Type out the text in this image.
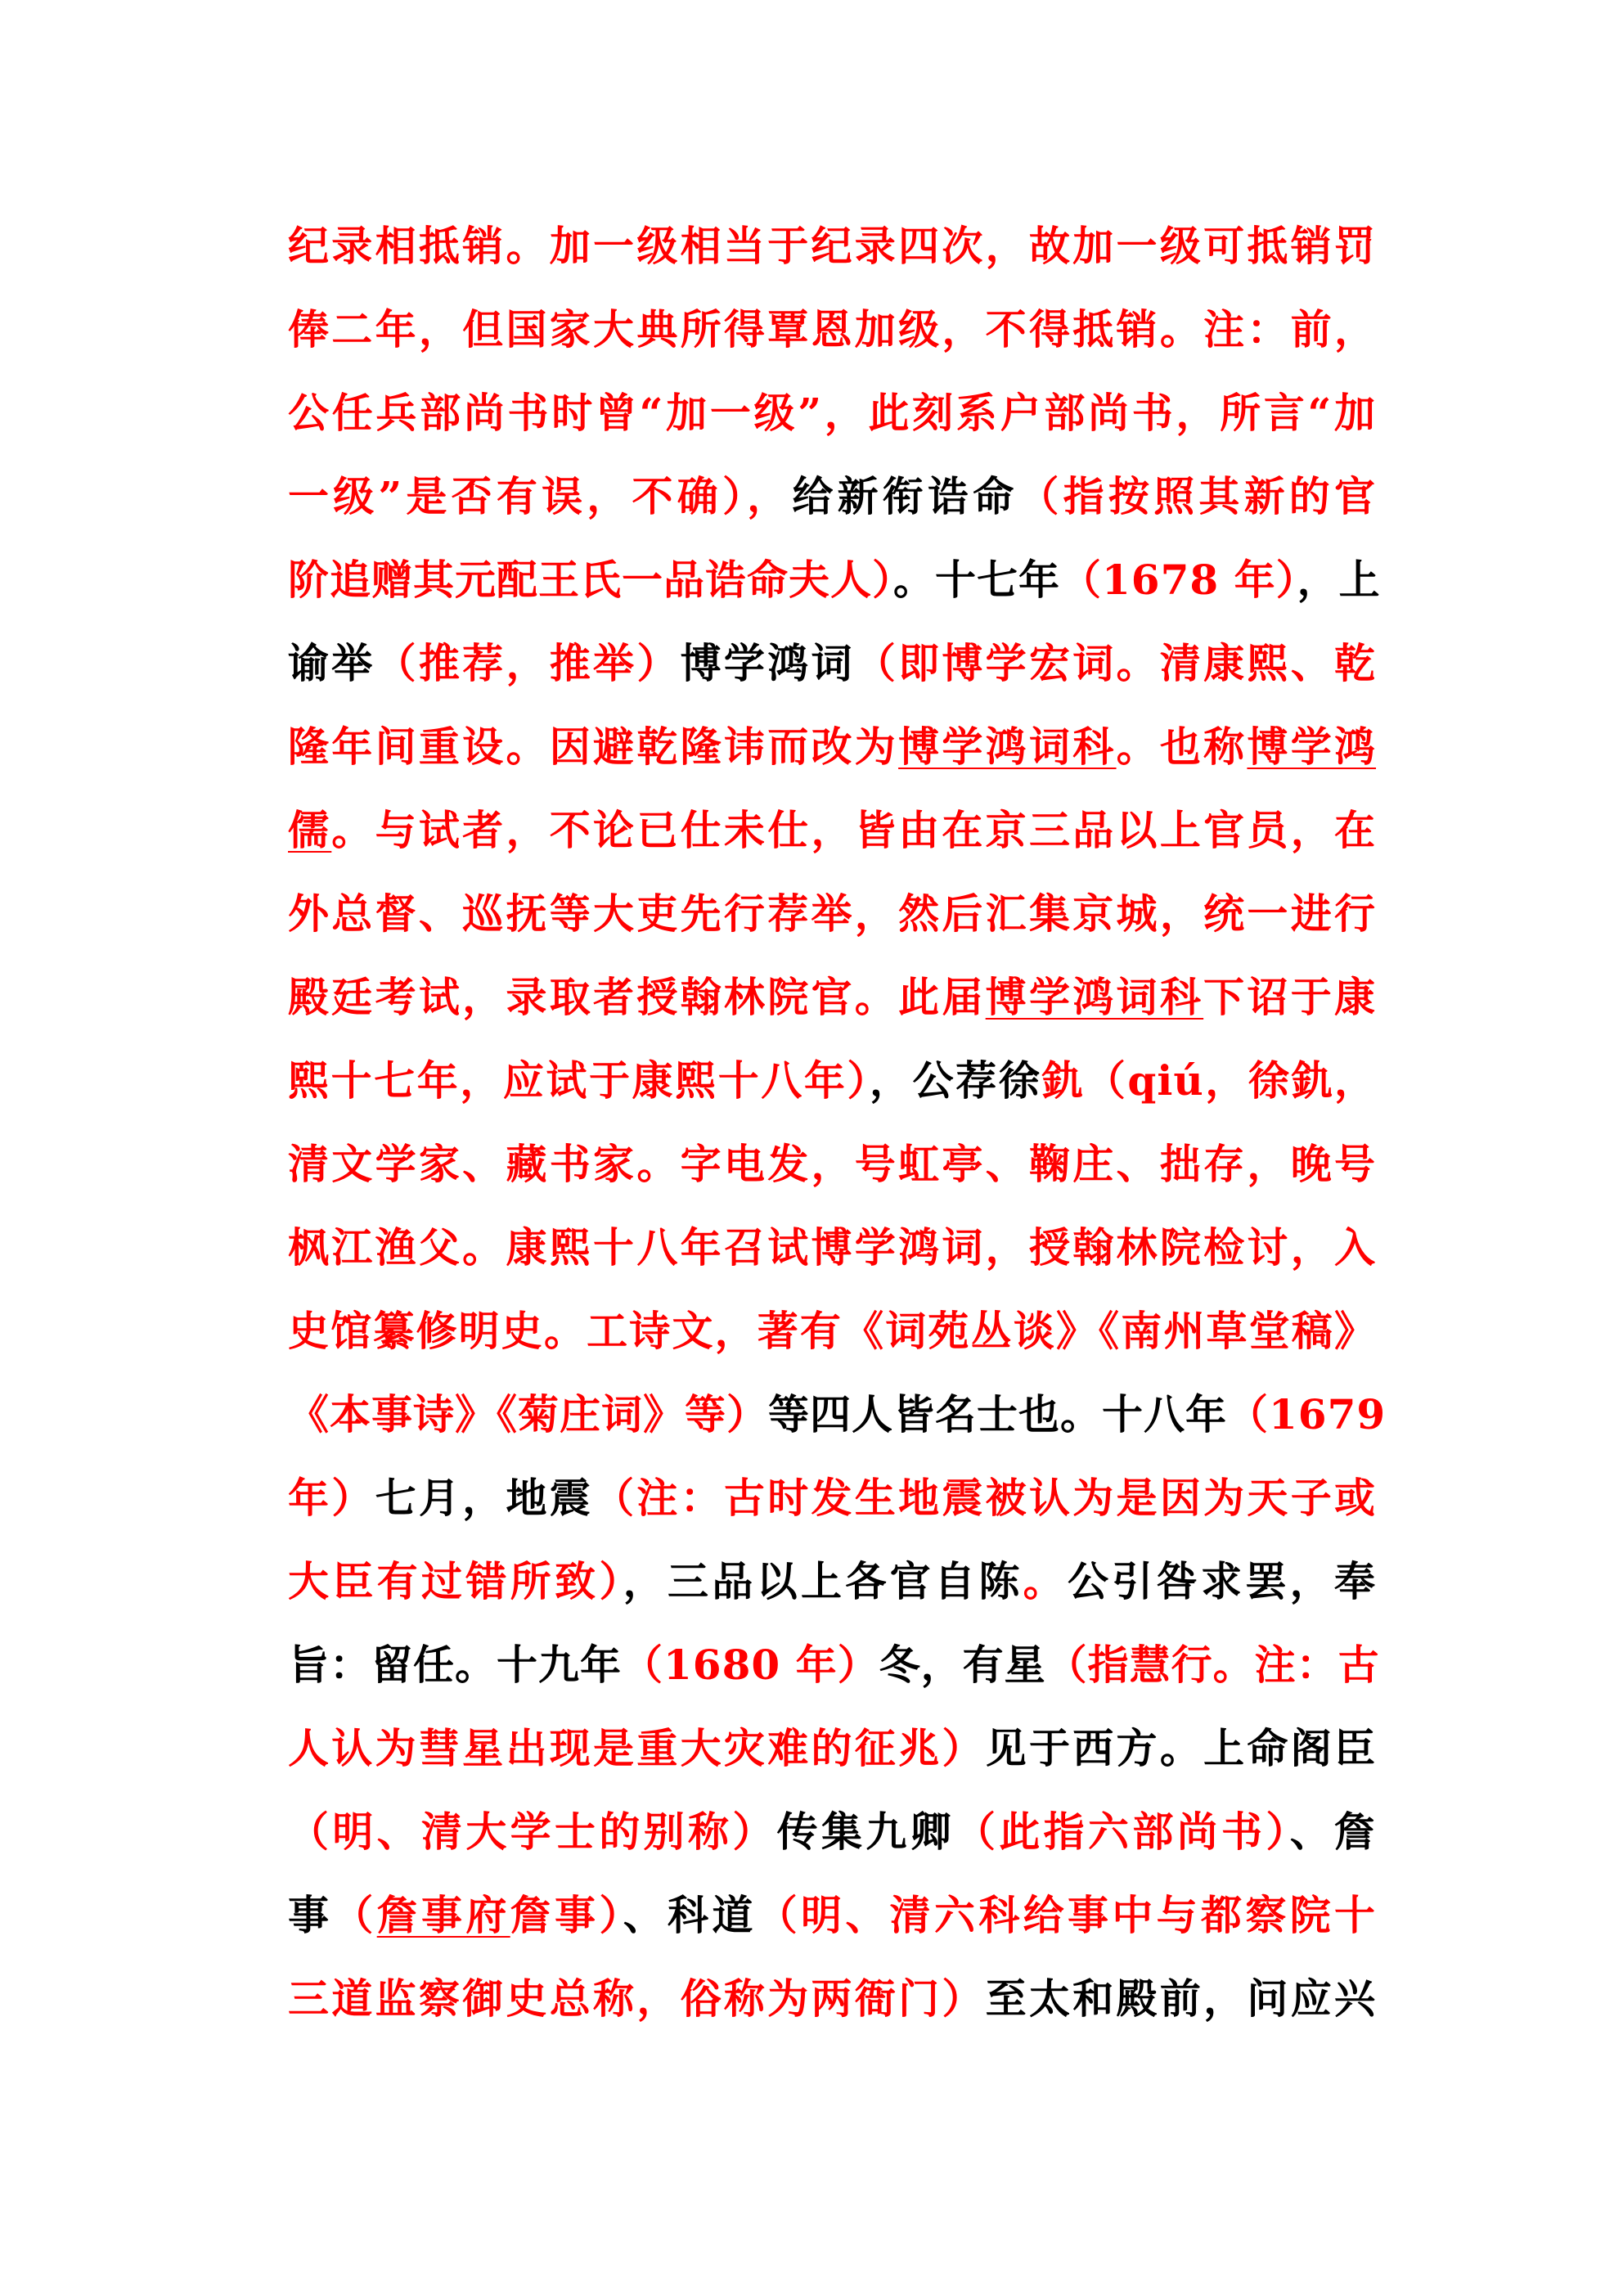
纪录相抵销。加一级相当于纪录四次，故加一级可抵销罚
俸二年，但国家大典所得覃恩加级，不得抵销。注：前，
公任兵部尚书时曾“加一级”，此刻系户部尚书，所言“加
一级”是否有误，不确），给新衔诰命（指按照其新的官
阶追赠其元配王氏一品诰命夫人）。十七年（1678 年），上
谕举（推荐，推举）博学鸿词（即博学宏词。清康熙、乾
隆年间重设。因避乾隆讳而改为博学鸿词科。也称博学鸿
儒。与试者，不论已仕未仕，皆由在京三品以上官员，在
外总督、巡抚等大吏先行荐举，然后汇集京城，统一进行
殿廷考试，录取者授翰林院官。此届博学鸿词科下诏于康
熙十七年，应试于康熙十八年），公荐徐釚（qiú，徐釚，
清文学家、藏书家。字电发，号虹亭、鞠庄、拙存，晚号
枫江渔父。康熙十八年召试博学鸿词，授翰林院检讨，入
史馆纂修明史。工诗文，著有《词苑丛谈》《南州草堂稿》
《本事诗》《菊庄词》等）等四人皆名士也。十八年（1679
年）七月，地震（注：古时发生地震被认为是因为天子或
大臣有过错所致），三品以上各官自陈。公引咎求罢，奉
旨：留任。十九年（1680 年）冬，有星（指慧行。注：古
人认为彗星出现是重大灾难的征兆）见于西方。上命阁臣
（明、清大学士的别称）传集九卿（此指六部尚书）、詹
事（詹事府詹事）、科道（明、清六科给事中与都察院十
三道监察御史总称，俗称为两衙门）至太和殿前，问应兴
